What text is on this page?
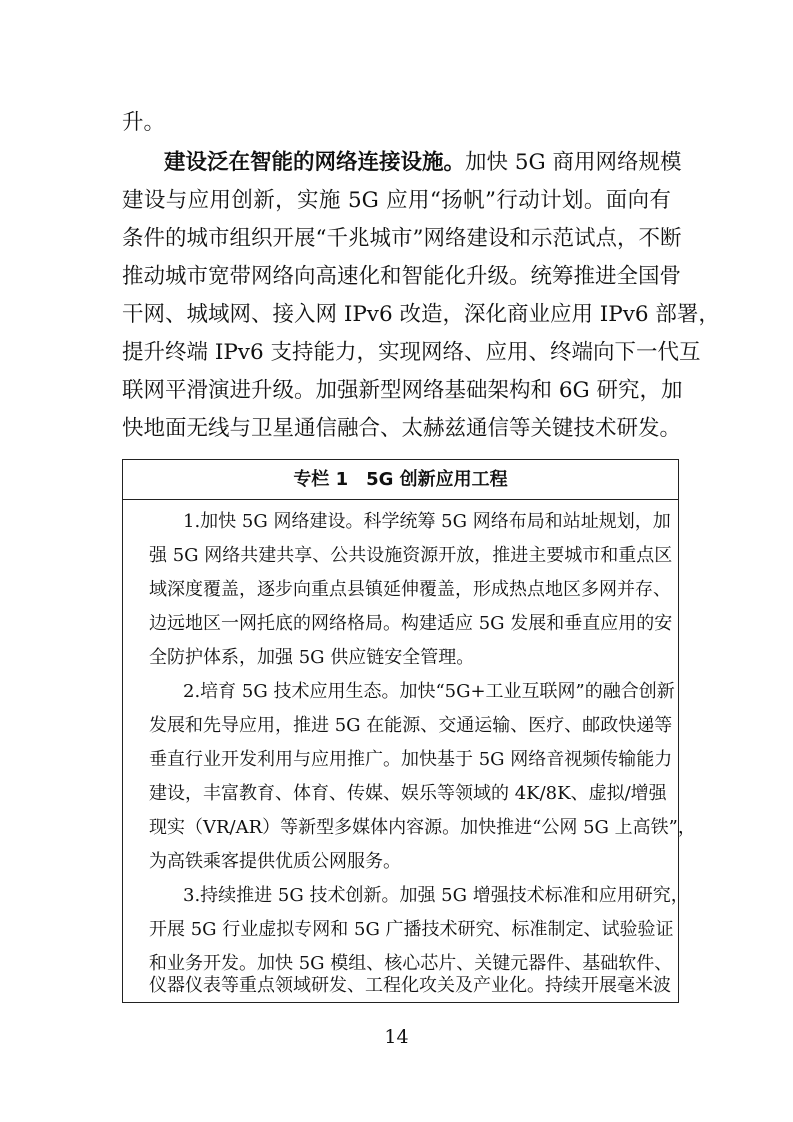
升。
建设泛在智能的网络连接设施。加快 5G 商用网络规模
建设与应用创新，实施 5G 应用“扬帆”行动计划。面向有
条件的城市组织开展“千兆城市”网络建设和示范试点，不断
推动城市宽带网络向高速化和智能化升级。统筹推进全国骨
干网、城域网、接入网 IPv6 改造，深化商业应用 IPv6 部署，
提升终端 IPv6 支持能力，实现网络、应用、终端向下一代互
联网平滑演进升级。加强新型网络基础架构和 6G 研究，加
快地面无线与卫星通信融合、太赫兹通信等关键技术研发。
专栏 1　5G 创新应用工程
1.加快 5G 网络建设。科学统筹 5G 网络布局和站址规划，加
强 5G 网络共建共享、公共设施资源开放，推进主要城市和重点区
域深度覆盖，逐步向重点县镇延伸覆盖，形成热点地区多网并存、
边远地区一网托底的网络格局。构建适应 5G 发展和垂直应用的安
全防护体系，加强 5G 供应链安全管理。
2.培育 5G 技术应用生态。加快“5G+工业互联网”的融合创新
发展和先导应用，推进 5G 在能源、交通运输、医疗、邮政快递等
垂直行业开发利用与应用推广。加快基于 5G 网络音视频传输能力
建设，丰富教育、体育、传媒、娱乐等领域的 4K/8K、虚拟/增强
现实（VR/AR）等新型多媒体内容源。加快推进“公网 5G 上高铁”，
为高铁乘客提供优质公网服务。
3.持续推进 5G 技术创新。加强 5G 增强技术标准和应用研究，
开展 5G 行业虚拟专网和 5G 广播技术研究、标准制定、试验验证
和业务开发。加快 5G 模组、核心芯片、关键元器件、基础软件、
仪器仪表等重点领域研发、工程化攻关及产业化。持续开展毫米波
14
